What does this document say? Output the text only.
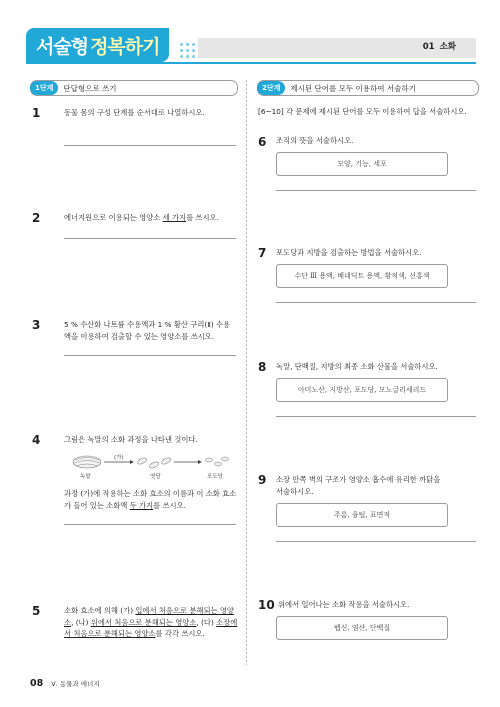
서술형 정복하기	01 소화
1단계	단답형으로 쓰기	2단계	제시된 단어를 모두 이용하여 서술하기
1	동물 몸의 구성 단계를 순서대로 나열하시오.
2	에너지원으로 이용되는 영양소 세 가지를 쓰시오.
3	5 % 수산화 나트륨 수용액과 1 % 황산 구리(Ⅱ) 수용
액을 이용하여 검출할 수 있는 영양소를 쓰시오.
4	그림은 녹말의 소화 과정을 나타낸 것이다.
녹말
(가)
엿당	포도당
과정 (가)에 작용하는 소화 효소의 이름과 이 소화 효소
가 들어 있는 소화액 두 가지를 쓰시오.
5	소화 효소에 의해 (가) 입에서 처음으로 분해되는 영양
소, (나) 위에서 처음으로 분해되는 영양소, (다) 소장에
서 처음으로 분해되는 영양소를 각각 쓰시오.
[6~10] 각 문제에 제시된 단어를 모두 이용하여 답을 서술하시오.
6 조직의 뜻을 서술하시오.
모양, 기능, 세포
7 포도당과 지방을 검출하는 방법을 서술하시오.
수단 Ⅲ 용액, 베네딕트 용액, 황적색, 선홍색
8 녹말, 단백질, 지방의 최종 소화 산물을 서술하시오.
아미노산, 지방산, 포도당, 모노글리세리드
9 소장 안쪽 벽의 구조가 영양소 흡수에 유리한 까닭을
서술하시오.
주름, 융털, 표면적
10 위에서 일어나는 소화 작용을 서술하시오.
펩신, 염산, 단백질
08 Ⅴ. 동물과 에너지
